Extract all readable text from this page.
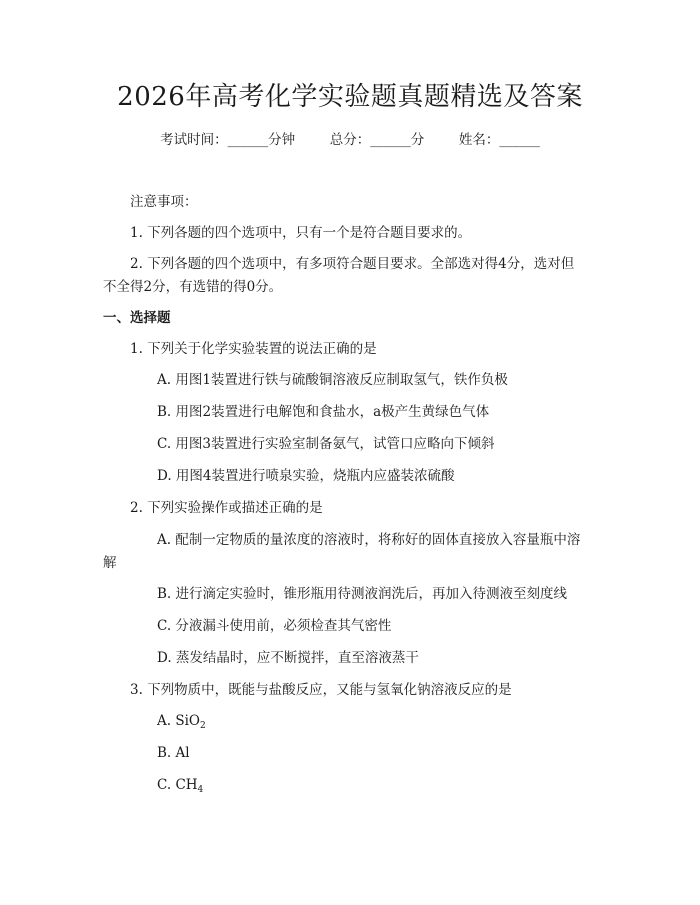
2026年高考化学实验题真题精选及答案
考试时间：______分钟	总分：______分	姓名：______
注意事项：
1. 下列各题的四个选项中，只有一个是符合题目要求的。
2. 下列各题的四个选项中，有多项符合题目要求。全部选对得4分，选对但
不全得2分，有选错的得0分。
一、选择题
1. 下列关于化学实验装置的说法正确的是
A. 用图1装置进行铁与硫酸铜溶液反应制取氢气，铁作负极
B. 用图2装置进行电解饱和食盐水，a极产生黄绿色气体
C. 用图3装置进行实验室制备氨气，试管口应略向下倾斜
D. 用图4装置进行喷泉实验，烧瓶内应盛装浓硫酸
2. 下列实验操作或描述正确的是
A. 配制一定物质的量浓度的溶液时，将称好的固体直接放入容量瓶中溶
解
B. 进行滴定实验时，锥形瓶用待测液润洗后，再加入待测液至刻度线
C. 分液漏斗使用前，必须检查其气密性
D. 蒸发结晶时，应不断搅拌，直至溶液蒸干
3. 下列物质中，既能与盐酸反应，又能与氢氧化钠溶液反应的是
A. SiO$_2$
B. Al
C. $CH_4$
